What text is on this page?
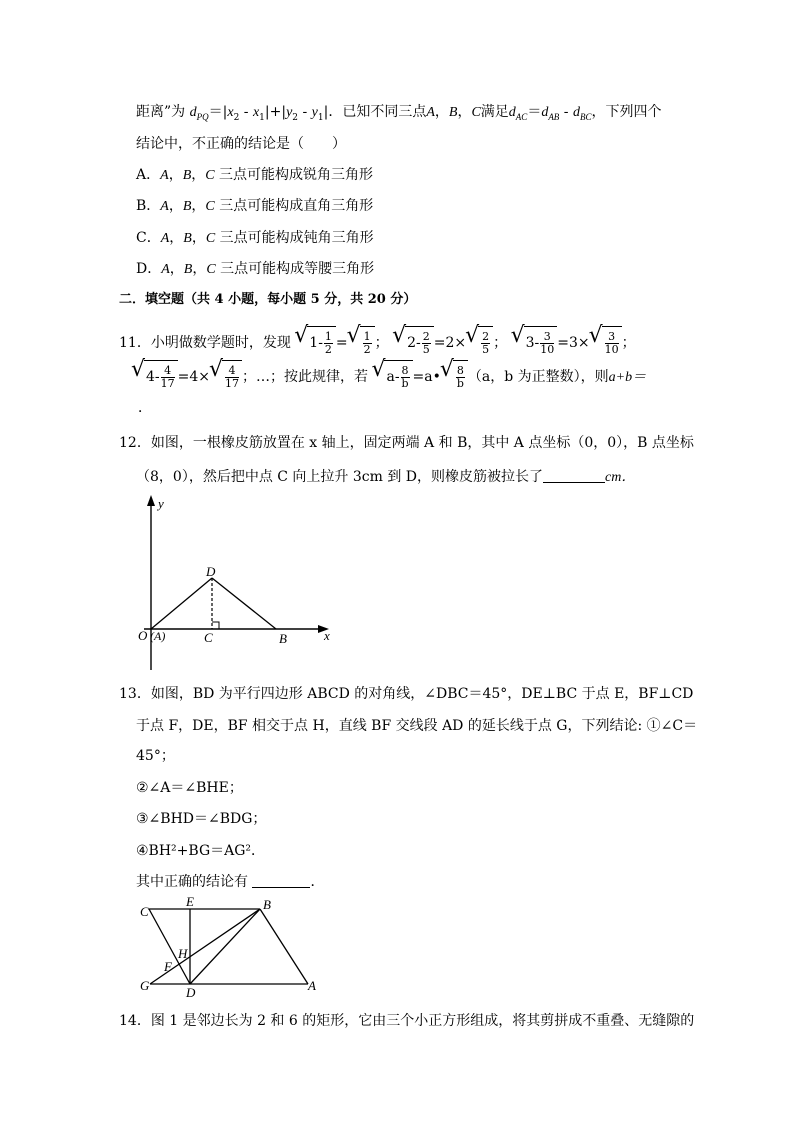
距离”为 $d_{PQ}=|x_2 - x_1|+|y_2 - y_1|$．已知不同三点A，B，C满足$d_{AC}=d_{AB} - d_{BC}$，下列四个
结论中，不正确的结论是（　　）
A．A，B，C 三点可能构成锐角三角形
B．A，B，C 三点可能构成直角三角形
C．A，B，C 三点可能构成钝角三角形
D．A，B，C 三点可能构成等腰三角形
二．填空题（共 4 小题，每小题 5 分，共 20 分）
11．小明做数学题时，发现 √ $1- \frac{1}{2}$ = √ $\frac{1}{2}$ ； √ $2- \frac{2}{5} =2\times$ √ $\frac{2}{5}$ ； √ $3- \frac{3}{10} =3\times$ √ $\frac{3}{10}$ ；
√ $4- \frac{4}{17} =4\times$ √ $\frac{4}{17}$ ；…；按此规律，若 √ $a- \frac{8}{b}$ =a• √ $\frac{8}{b} (a$，b 为正整数），则a+b＝
．
12．如图，一根橡皮筋放置在 x 轴上，固定两端 A 和 B，其中 A 点坐标（0，0），B 点坐标
（8，0），然后把中点 C 向上拉升 3cm 到 D，则橡皮筋被拉长了	cm．
y
x
D
O (A)	C	B
13．如图，BD 为平行四边形 ABCD 的对角线，∠DBC＝45°，DE⊥BC 于点 E，BF⊥CD
于点 F，DE，BF 相交于点 H，直线 BF 交线段 AD 的延长线于点 G，下列结论: ①∠C＝
45°；
②∠A＝∠BHE；
③∠BHD＝∠BDG；
④BH²+BG＝AG²．
其中正确的结论有	．
C
E	B
H
F
G	D	A
14．图 1 是邻边长为 2 和 6 的矩形，它由三个小正方形组成，将其剪拼成不重叠、无缝隙的
